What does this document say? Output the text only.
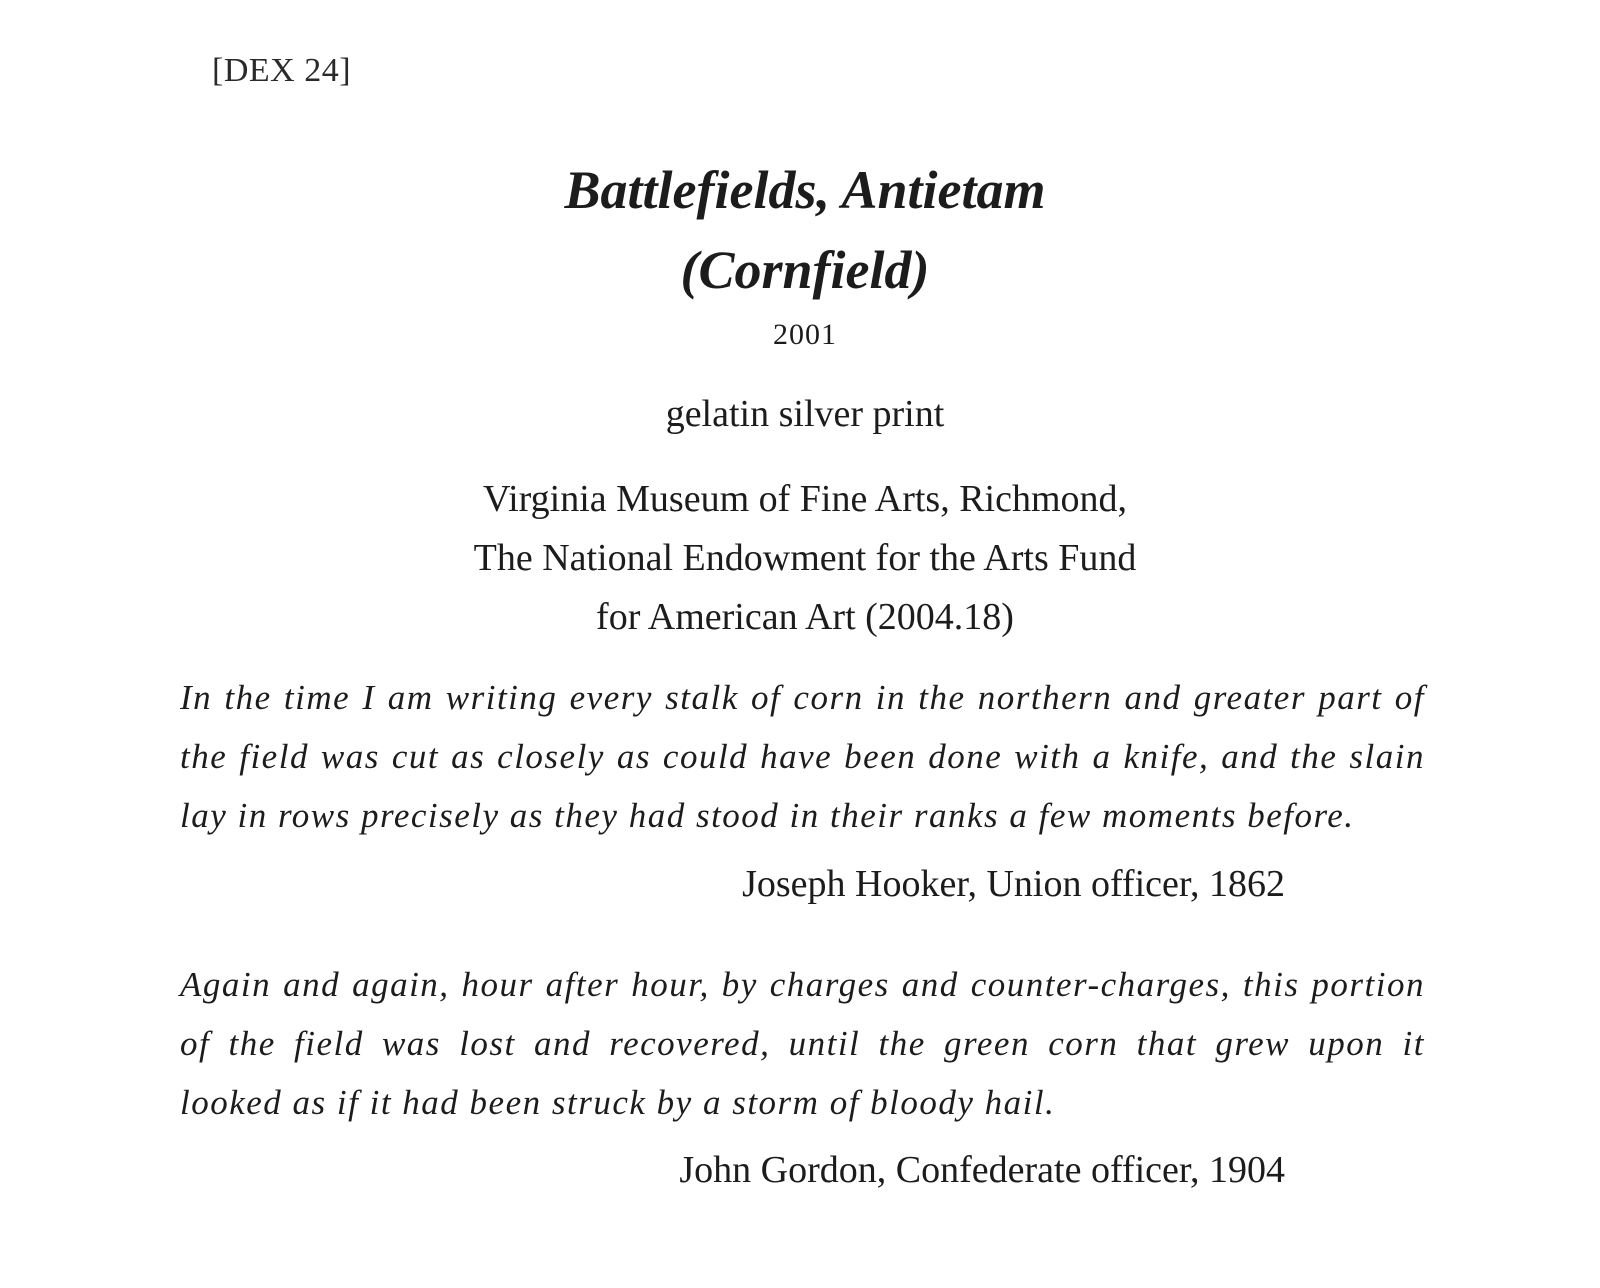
[DEX 24]
Battlefields, Antietam
(Cornfield)
2001
gelatin silver print
Virginia Museum of Fine Arts, Richmond,
The National Endowment for the Arts Fund
for American Art (2004.18)

In the time I am writing every stalk of corn in the northern and greater part of the field was cut as closely as could have been done with a knife, and the slain lay in rows precisely as they had stood in their ranks a few moments before.

Joseph Hooker, Union officer, 1862

Again and again, hour after hour, by charges and counter-charges, this portion of the field was lost and recovered, until the green corn that grew upon it looked as if it had been struck by a storm of bloody hail.

John Gordon, Confederate officer, 1904
